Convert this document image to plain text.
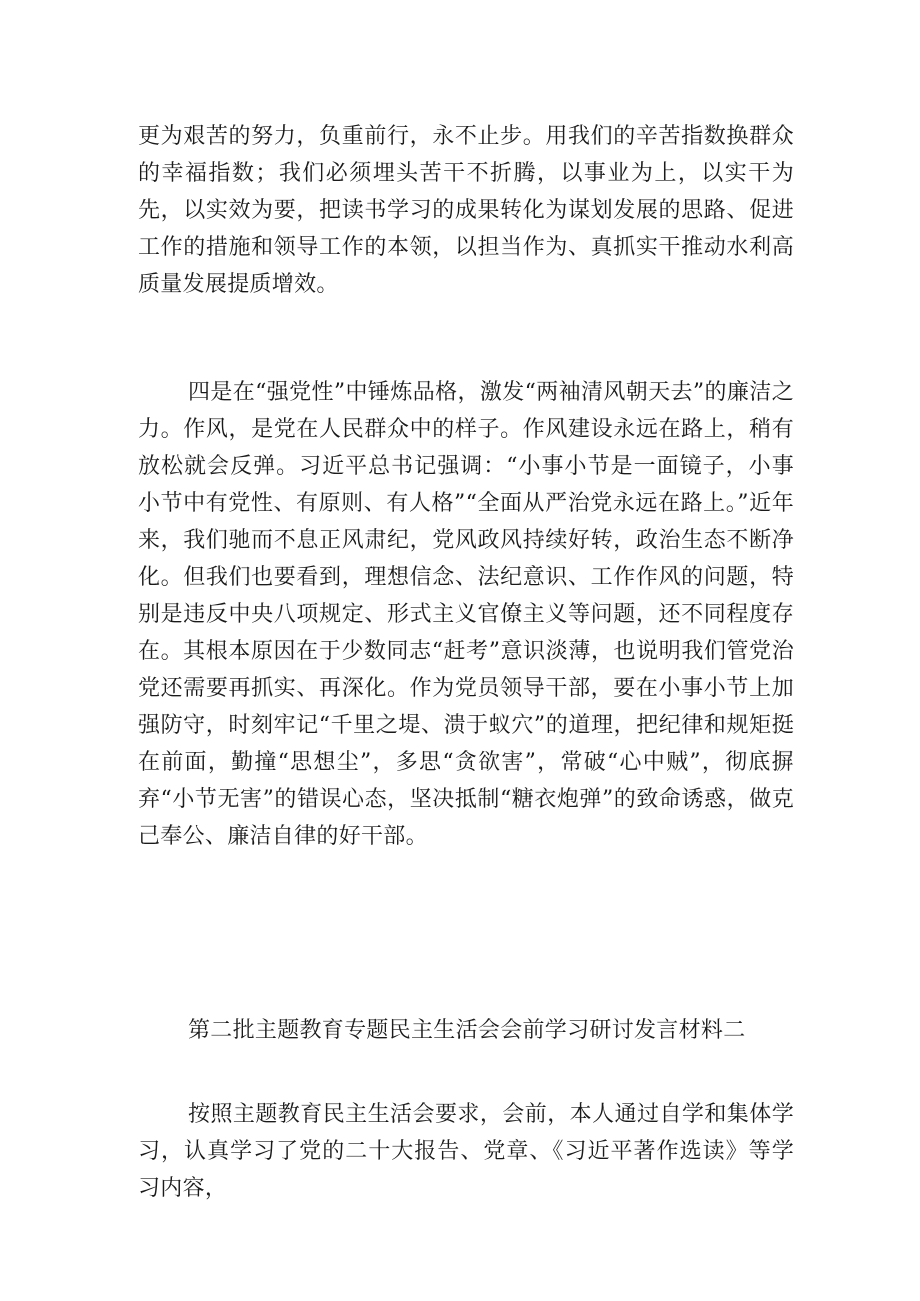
更为艰苦的努力，负重前行，永不止步。用我们的辛苦指数换群众的幸福指数；我们必须埋头苦干不折腾，以事业为上，以实干为先，以实效为要，把读书学习的成果转化为谋划发展的思路、促进工作的措施和领导工作的本领，以担当作为、真抓实干推动水利高质量发展提质增效。

四是在“强党性”中锤炼品格，激发“两袖清风朝天去”的廉洁之力。作风，是党在人民群众中的样子。作风建设永远在路上，稍有放松就会反弹。习近平总书记强调：“小事小节是一面镜子，小事小节中有党性、有原则、有人格”“全面从严治党永远在路上。”近年来，我们驰而不息正风肃纪，党风政风持续好转，政治生态不断净化。但我们也要看到，理想信念、法纪意识、工作作风的问题，特别是违反中央八项规定、形式主义官僚主义等问题，还不同程度存在。其根本原因在于少数同志“赶考”意识淡薄，也说明我们管党治党还需要再抓实、再深化。作为党员领导干部，要在小事小节上加强防守，时刻牢记“千里之堤、溃于蚁穴”的道理，把纪律和规矩挺在前面，勤撞“思想尘”，多思“贪欲害”，常破“心中贼”，彻底摒弃“小节无害”的错误心态，坚决抵制“糖衣炮弹”的致命诱惑，做克己奉公、廉洁自律的好干部。

第二批主题教育专题民主生活会会前学习研讨发言材料二

按照主题教育民主生活会要求，会前，本人通过自学和集体学习，认真学习了党的二十大报告、党章、《习近平著作选读》等学习内容，
